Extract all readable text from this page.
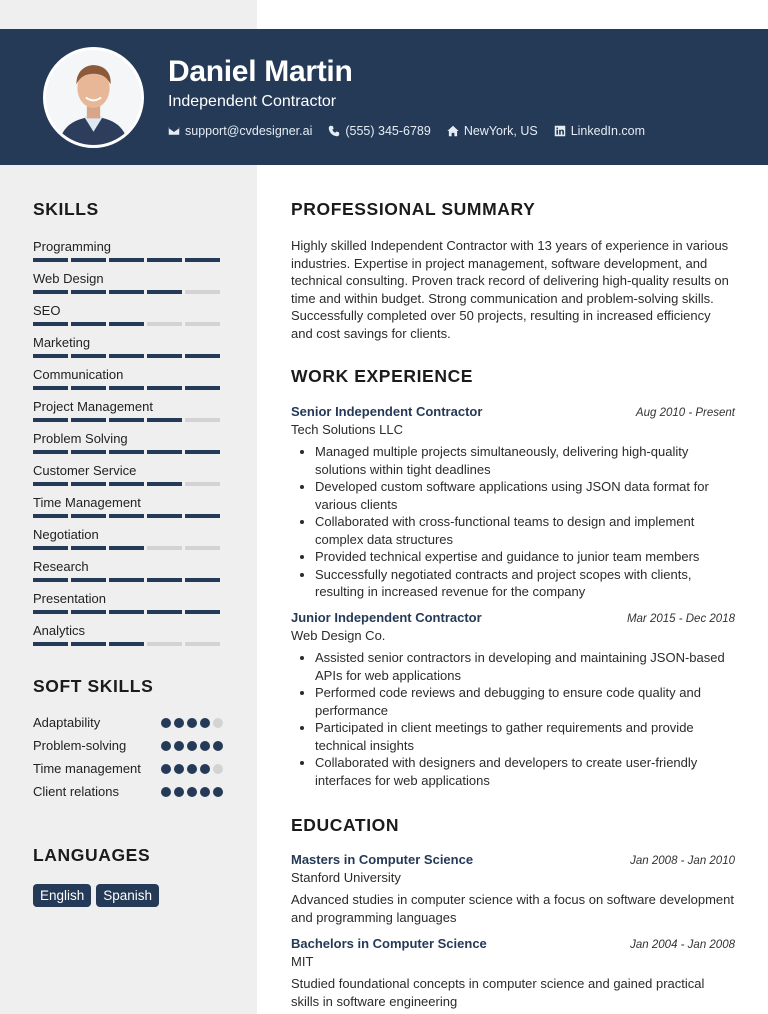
Daniel Martin
Independent Contractor
support@cvdesigner.ai	(555) 345-6789	NewYork, US	LinkedIn.com
SKILLS
Programming
Web Design
SEO
Marketing
Communication
Project Management
Problem Solving
Customer Service
Time Management
Negotiation
Research
Presentation
Analytics
SOFT SKILLS
Adaptability
Problem-solving
Time management
Client relations
LANGUAGES
English	Spanish
PROFESSIONAL SUMMARY
Highly skilled Independent Contractor with 13 years of experience in various industries. Expertise in project management, software development, and technical consulting. Proven track record of delivering high-quality results on time and within budget. Strong communication and problem-solving skills. Successfully completed over 50 projects, resulting in increased efficiency and cost savings for clients.
WORK EXPERIENCE
Senior Independent Contractor	Aug 2010 - Present
Tech Solutions LLC
• Managed multiple projects simultaneously, delivering high-quality solutions within tight deadlines
• Developed custom software applications using JSON data format for various clients
• Collaborated with cross-functional teams to design and implement complex data structures
• Provided technical expertise and guidance to junior team members
• Successfully negotiated contracts and project scopes with clients, resulting in increased revenue for the company
Junior Independent Contractor	Mar 2015 - Dec 2018
Web Design Co.
• Assisted senior contractors in developing and maintaining JSON-based APIs for web applications
• Performed code reviews and debugging to ensure code quality and performance
• Participated in client meetings to gather requirements and provide technical insights
• Collaborated with designers and developers to create user-friendly interfaces for web applications
EDUCATION
Masters in Computer Science	Jan 2008 - Jan 2010
Stanford University
Advanced studies in computer science with a focus on software development and programming languages
Bachelors in Computer Science	Jan 2004 - Jan 2008
MIT
Studied foundational concepts in computer science and gained practical skills in software engineering
